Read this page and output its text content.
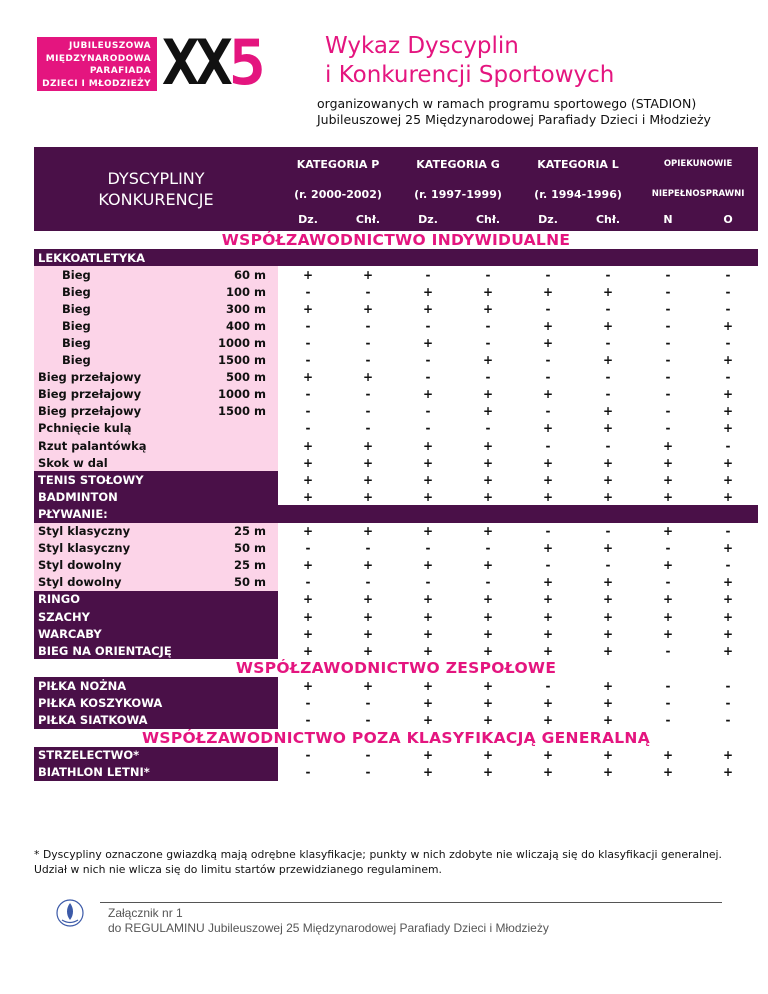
JUBILEUSZOWA
MIĘDZYNARODOWA
PARAFIADA
DZIECI I MŁODZIEŻY XX5	Wykaz Dyscyplin
i Konkurencji Sportowych
organizowanych w ramach programu sportowego (STADION)
Jubileuszowej 25 Międzynarodowej Parafiady Dzieci i Młodzieży
DYSCYPLINY KONKURENCJE	KATEGORIA P		KATEGORIA G		KATEGORIA L		OPIEKUNOWIE	
	(r. 2000-2002)		(r. 1997-1999)		(r. 1994-1996)		NIEPEŁNOSPRAWNI	
	Dz.	Chł.	Dz.	Chł.	Dz.	Chł.	N	O
WSPÓŁZAWODNICTWO INDYWIDUALNE								
LEKKOATLETYKA								
Bieg 60 m	+	+	-	-	-	-	-	-
Bieg 100 m	-	-	+	+	+	+	-	-
Bieg 300 m	+	+	+	+	-	-	-	-
Bieg 400 m	-	-	-	-	+	+	-	+
Bieg 1000 m	-	-	+	-	+	-	-	-
Bieg 1500 m	-	-	-	+	-	+	-	+
Bieg przełajowy 500 m	+	+	-	-	-	-	-	-
Bieg przełajowy 1000 m	-	-	+	+	+	-	-	+
Bieg przełajowy 1500 m	-	-	-	+	-	+	-	+
Pchnięcie kulą	-	-	-	-	+	+	-	+
Rzut palantówką	+	+	+	+	-	-	+	-
Skok w dal	+	+	+	+	+	+	+	+
TENIS STOŁOWY	+	+	+	+	+	+	+	+
BADMINTON	+	+	+	+	+	+	+	+
PŁYWANIE:								
Styl klasyczny 25 m	+	+	+	+	-	-	+	-
Styl klasyczny 50 m	-	-	-	-	+	+	-	+
Styl dowolny 25 m	+	+	+	+	-	-	+	-
Styl dowolny 50 m	-	-	-	-	+	+	-	+
RINGO	+	+	+	+	+	+	+	+
SZACHY	+	+	+	+	+	+	+	+
WARCABY	+	+	+	+	+	+	+	+
BIEG NA ORIENTACJĘ	+	+	+	+	+	+	-	+
WSPÓŁZAWODNICTWO ZESPOŁOWE								
PIŁKA NOŻNA	+	+	+	+	-	+	-	-
PIŁKA KOSZYKOWA	-	-	+	+	+	+	-	-
PIŁKA SIATKOWA	-	-	+	+	+	+	-	-
WSPÓŁZAWODNICTWO POZA KLASYFIKACJĄ GENERALNĄ								
STRZELECTWO*	-	-	+	+	+	+	+	+
BIATHLON LETNI*	-	-	+	+	+	+	+	+
* Dyscypliny oznaczone gwiazdką mają odrębne klasyfikacje; punkty w nich zdobyte nie wliczają się do klasyfikacji generalnej. Udział w nich nie wlicza się do limitu startów przewidzianego regulaminem.
Załącznik nr 1
do REGULAMINU Jubileuszowej 25 Międzynarodowej Parafiady Dzieci i Młodzieży
